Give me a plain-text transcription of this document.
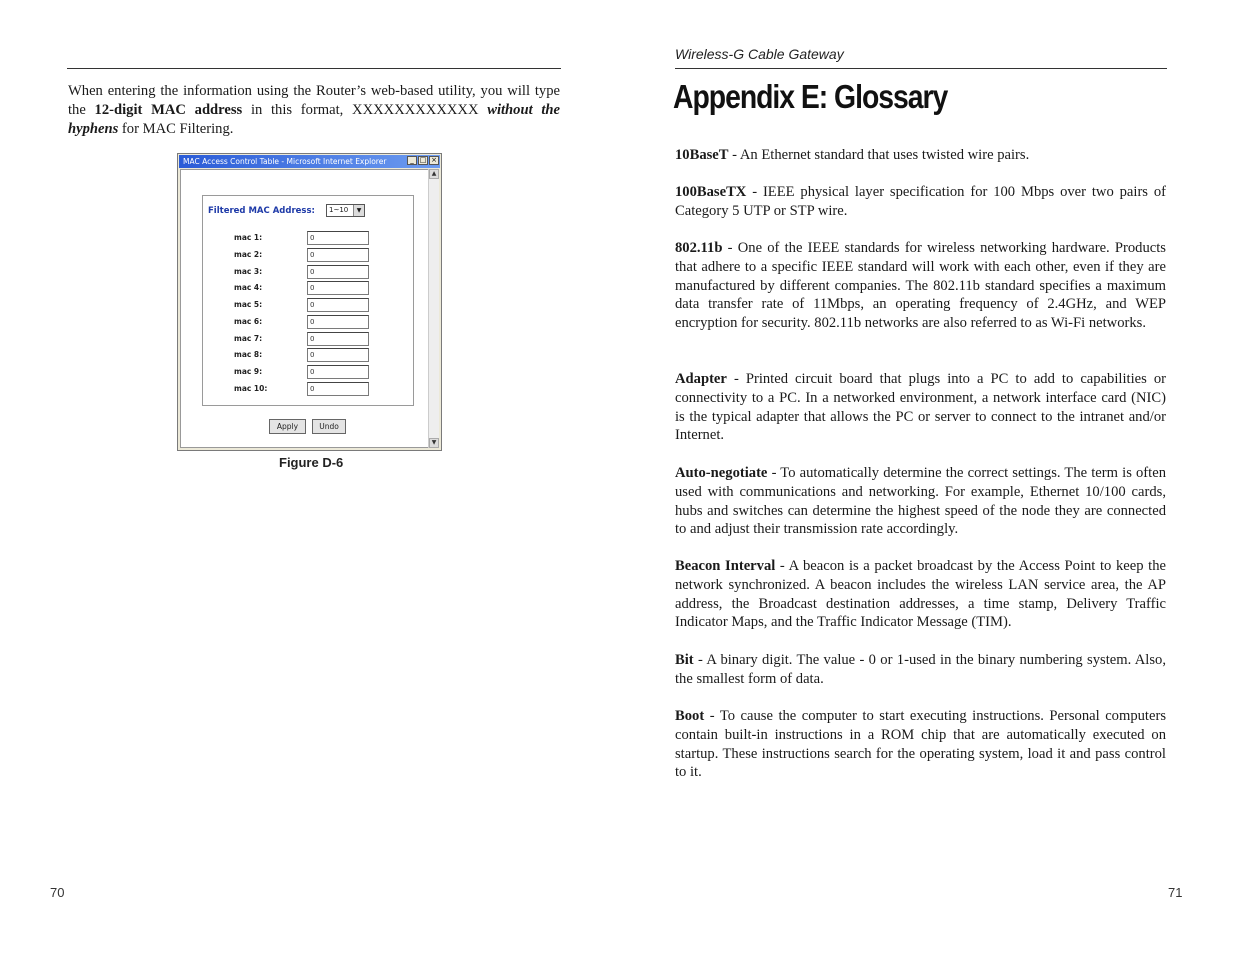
When entering the information using the Router’s web-based utility, you will type the 12-digit MAC address in this format, XXXXXXXXXXXX without the hyphens for MAC Filtering.
MAC Access Control Table - Microsoft Internet Explorer	_ □ ×
Filtered MAC Address:	1~10	▼
mac 1:	0
mac 2:	0
mac 3:	0
mac 4:	0
mac 5:	0
mac 6:	0
mac 7:	0
mac 8:	0
mac 9:	0
mac 10:	0
Apply	Undo
▲
▼
Figure D-6
70
Wireless-G Cable Gateway
Appendix E: Glossary
10BaseT - An Ethernet standard that uses twisted wire pairs.
100BaseTX - IEEE physical layer specification for 100 Mbps over two pairs of Category 5 UTP or STP wire.
802.11b - One of the IEEE standards for wireless networking hardware. Products that adhere to a specific IEEE standard will work with each other, even if they are manufactured by different companies. The 802.11b standard specifies a maximum data transfer rate of 11Mbps, an operating frequency of 2.4GHz, and WEP encryption for security. 802.11b networks are also referred to as Wi-Fi networks.
Adapter - Printed circuit board that plugs into a PC to add to capabilities or connectivity to a PC. In a networked environment, a network interface card (NIC) is the typical adapter that allows the PC or server to connect to the intranet and/or Internet.
Auto-negotiate - To automatically determine the correct settings. The term is often used with communications and networking. For example, Ethernet 10/100 cards, hubs and switches can determine the highest speed of the node they are connected to and adjust their transmission rate accordingly.
Beacon Interval - A beacon is a packet broadcast by the Access Point to keep the network synchronized. A beacon includes the wireless LAN service area, the AP address, the Broadcast destination addresses, a time stamp, Delivery Traffic Indicator Maps, and the Traffic Indicator Message (TIM).
Bit - A binary digit. The value - 0 or 1-used in the binary numbering system. Also, the smallest form of data.
Boot - To cause the computer to start executing instructions. Personal computers contain built-in instructions in a ROM chip that are automatically executed on startup. These instructions search for the operating system, load it and pass control to it.
71
